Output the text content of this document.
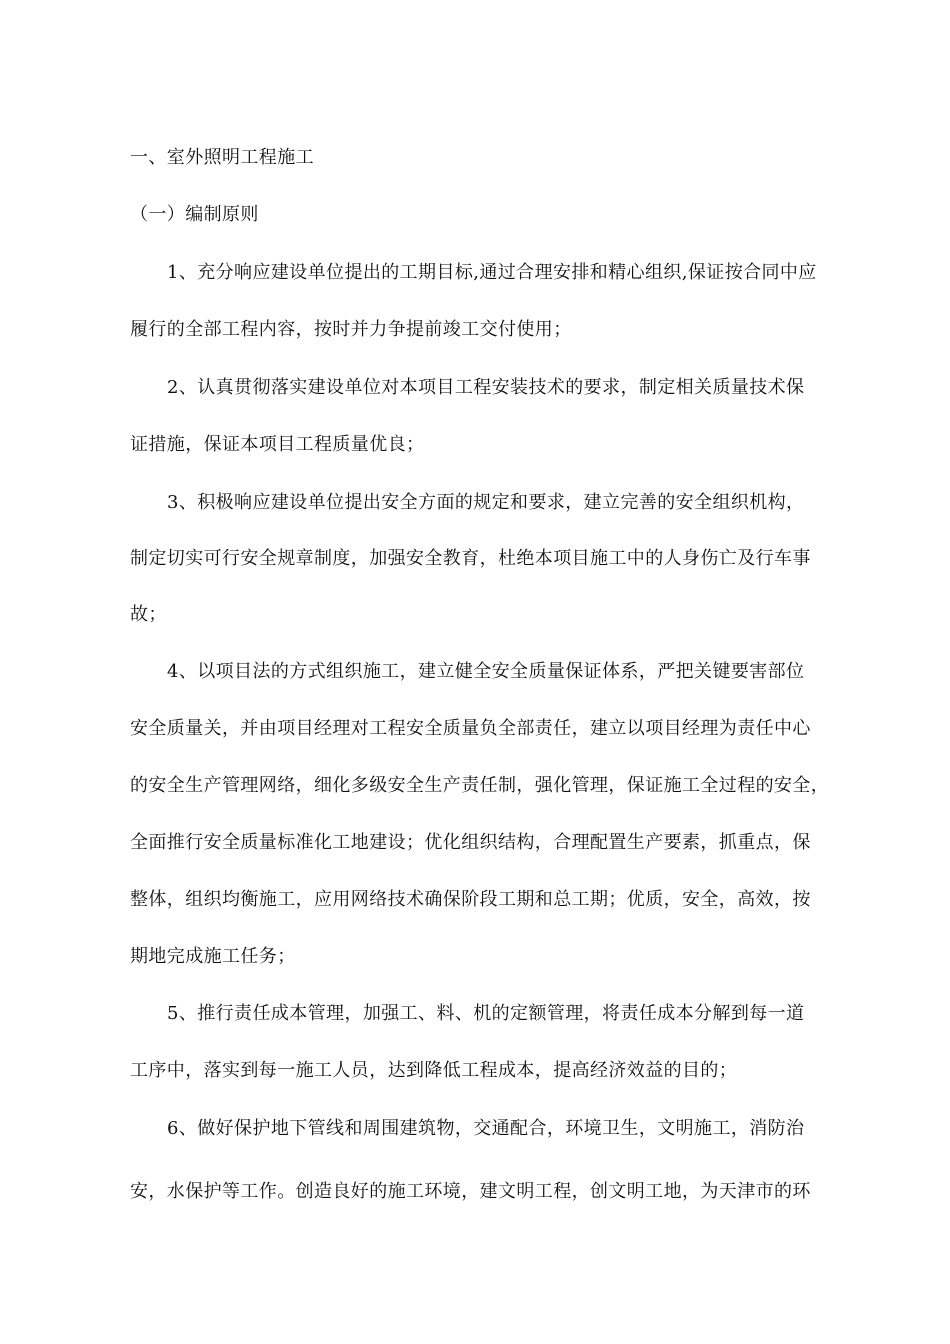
一、室外照明工程施工
（一）编制原则
1、充分响应建设单位提出的工期目标,通过合理安排和精心组织,保证按合同中应
履行的全部工程内容，按时并力争提前竣工交付使用；
2、认真贯彻落实建设单位对本项目工程安装技术的要求，制定相关质量技术保
证措施，保证本项目工程质量优良；
3、积极响应建设单位提出安全方面的规定和要求，建立完善的安全组织机构，
制定切实可行安全规章制度，加强安全教育，杜绝本项目施工中的人身伤亡及行车事
故；
4、以项目法的方式组织施工，建立健全安全质量保证体系，严把关键要害部位
安全质量关，并由项目经理对工程安全质量负全部责任，建立以项目经理为责任中心
的安全生产管理网络，细化多级安全生产责任制，强化管理，保证施工全过程的安全，
全面推行安全质量标准化工地建设；优化组织结构，合理配置生产要素，抓重点，保
整体，组织均衡施工，应用网络技术确保阶段工期和总工期；优质，安全，高效，按
期地完成施工任务；
5、推行责任成本管理，加强工、料、机的定额管理，将责任成本分解到每一道
工序中，落实到每一施工人员，达到降低工程成本，提高经济效益的目的；
6、做好保护地下管线和周围建筑物，交通配合，环境卫生，文明施工，消防治
安，水保护等工作。创造良好的施工环境，建文明工程，创文明工地，为天津市的环
